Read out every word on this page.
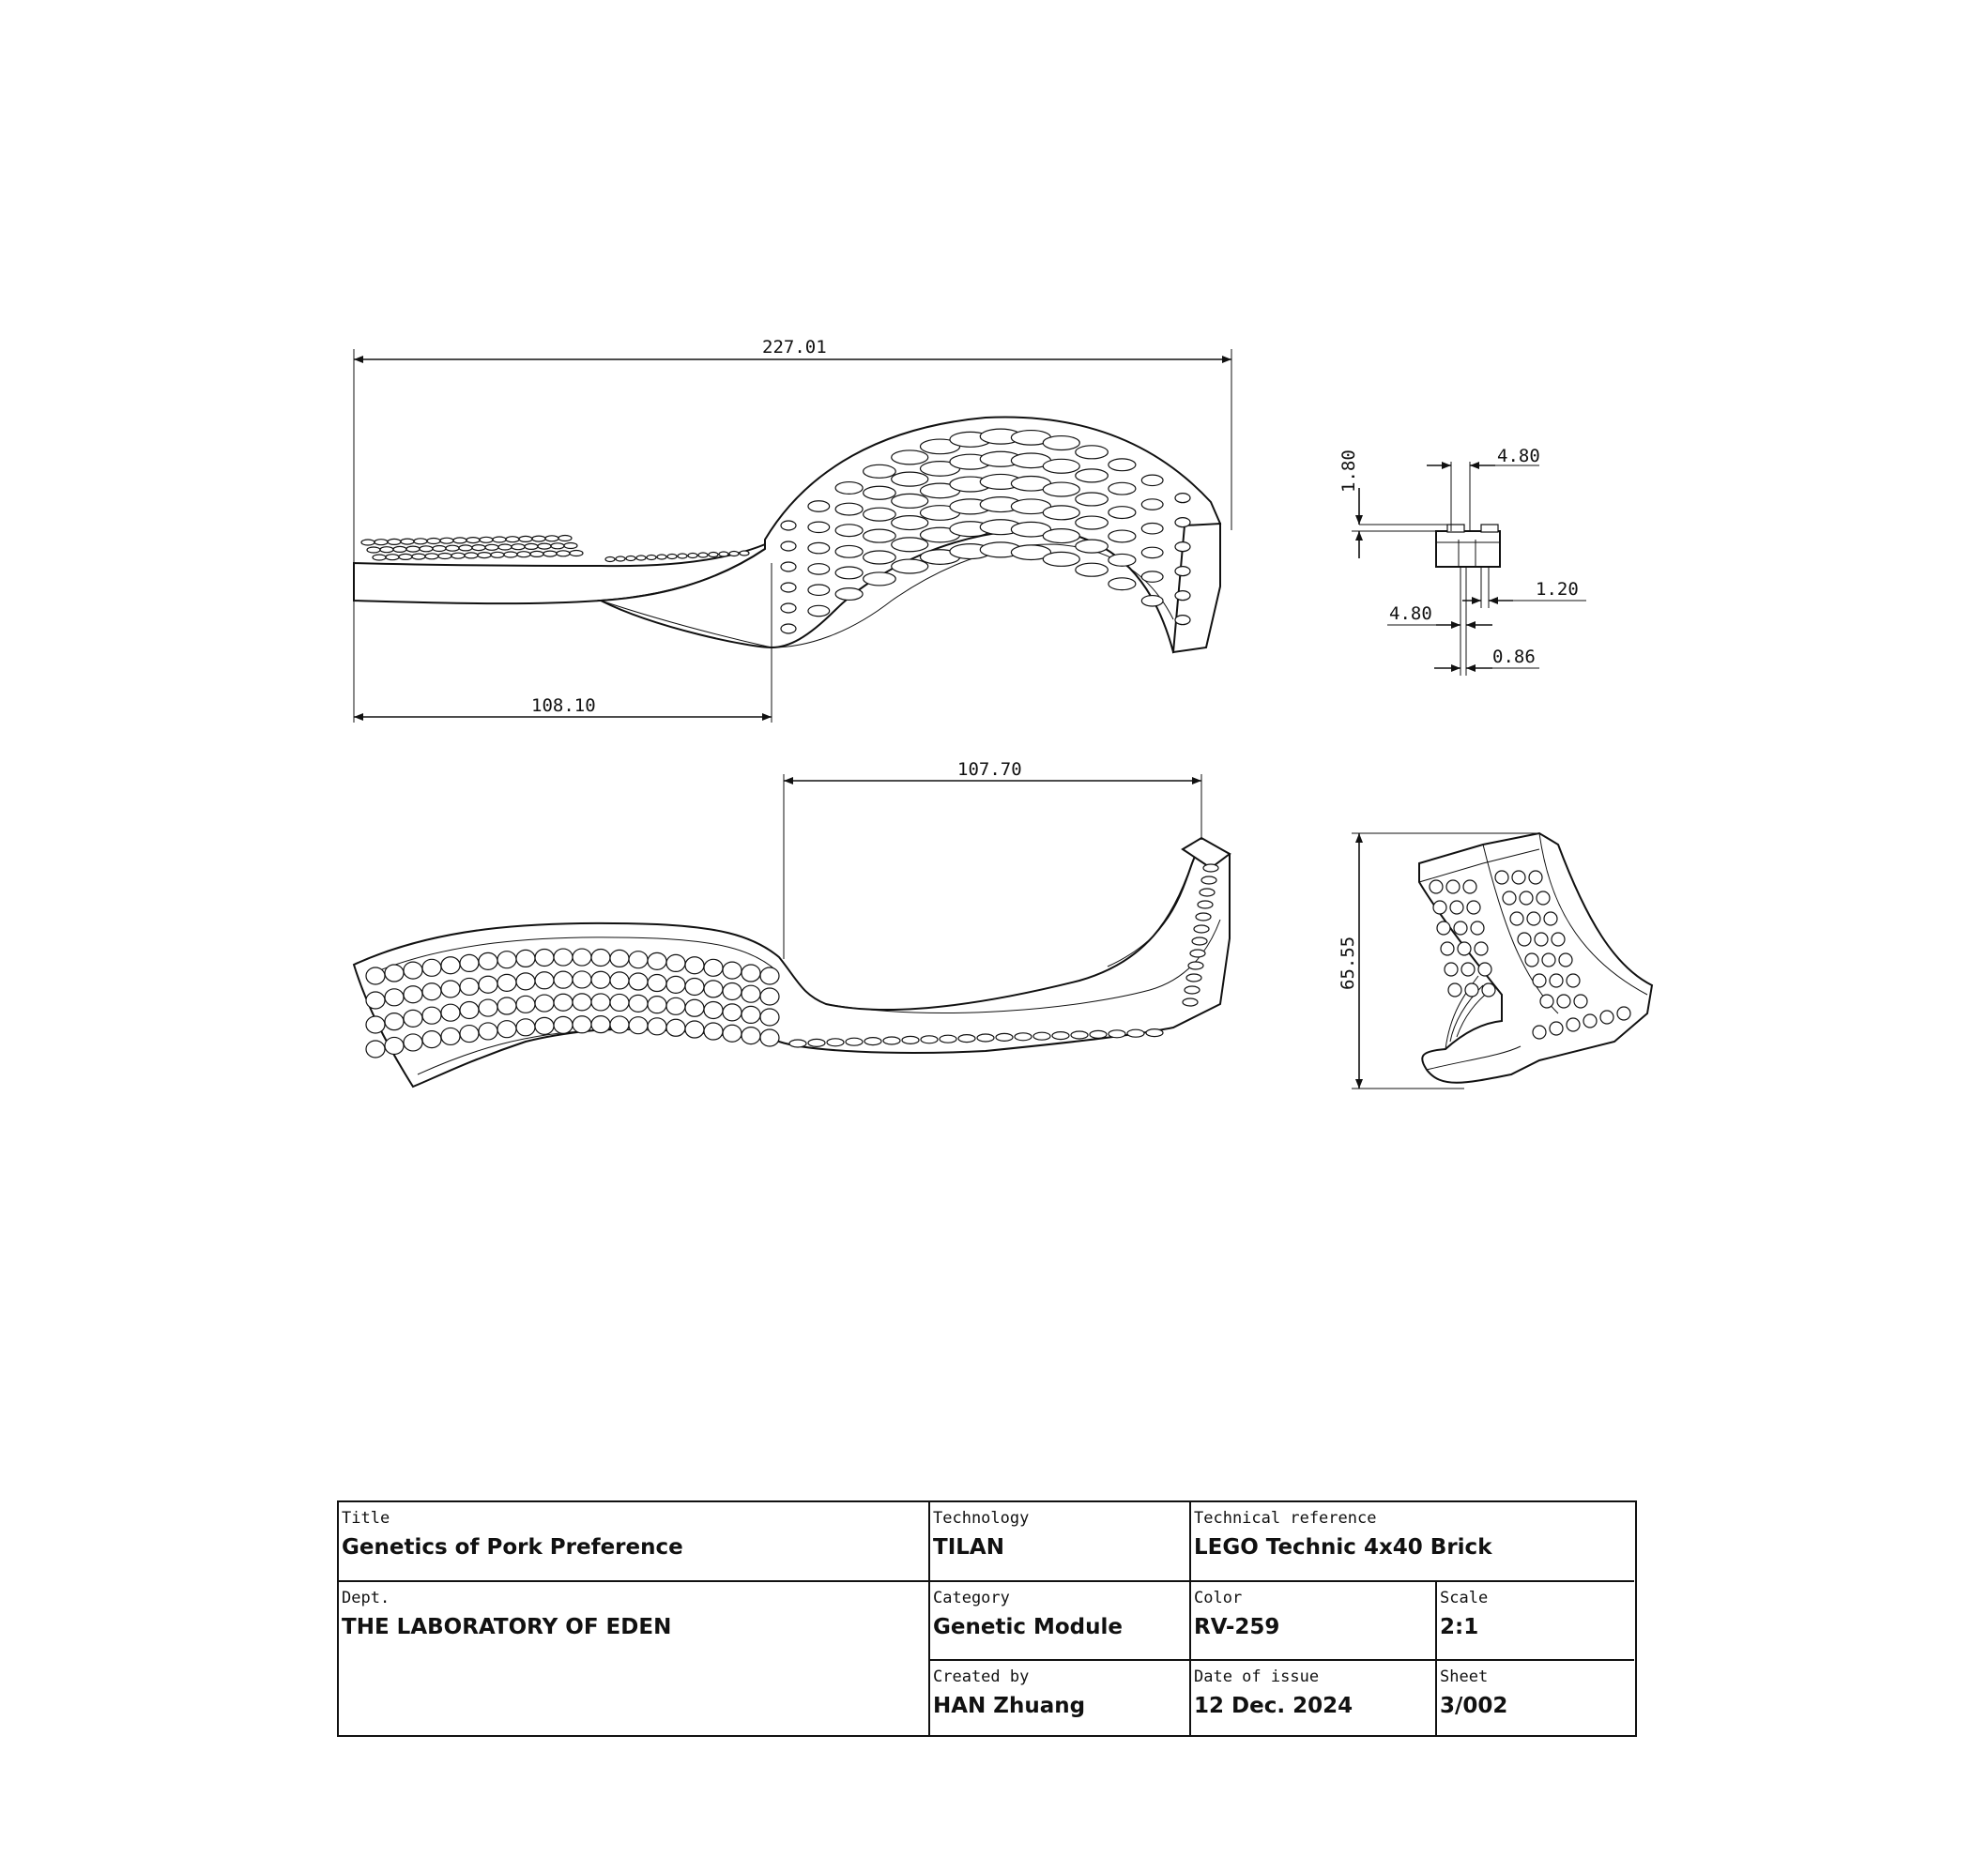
227.01
108.10
4.80
1.80
1.20
4.80
0.86
107.70
65.55
Title
Genetics of Pork Preference
Technology
TILAN
Technical reference
LEGO Technic 4x40 Brick
Dept.
THE LABORATORY OF EDEN
Category
Genetic Module
Color
RV-259
Scale
2:1
Created by
HAN Zhuang
Date of issue
12 Dec. 2024
Sheet
3/002
